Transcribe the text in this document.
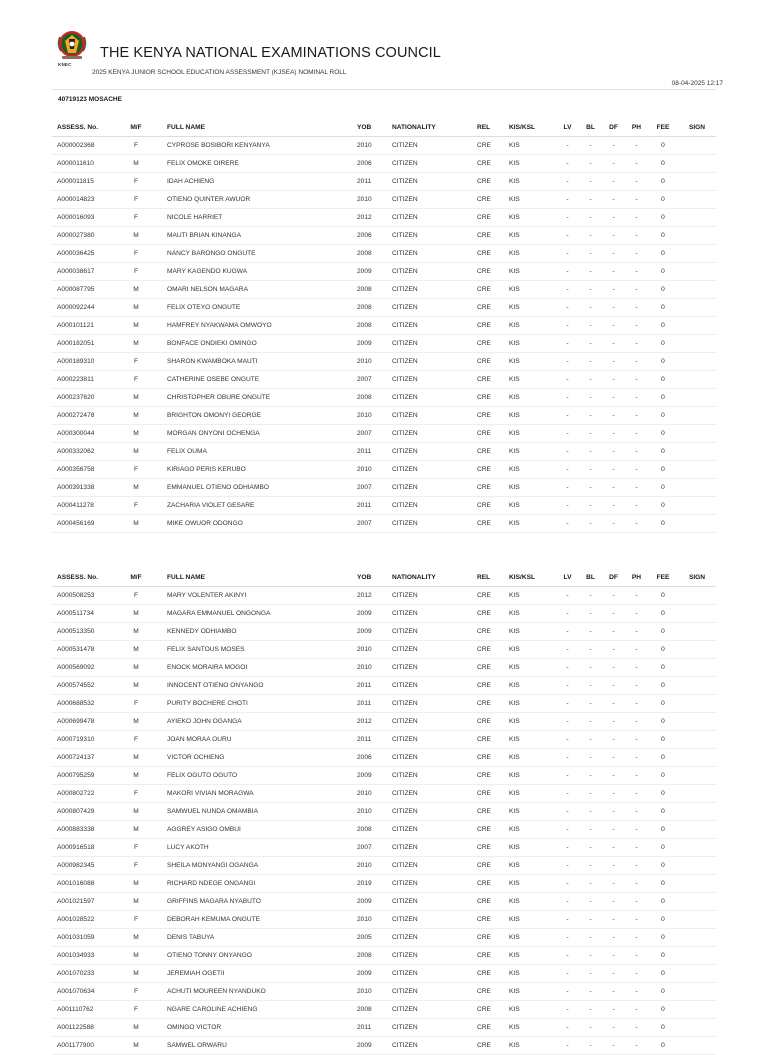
KNEC
THE KENYA NATIONAL EXAMINATIONS COUNCIL
2025 KENYA JUNIOR SCHOOL EDUCATION ASSESSMENT (KJSEA) NOMINAL ROLL
08-04-2025 12:17
40719123 MOSACHE
ASSESS. No.	M/F	FULL NAME	YOB	NATIONALITY	REL	KIS/KSL	LV	BL	DF	PH	FEE	SIGN
A000002368	F	CYPROSE BOSIBORI KENYANYA	2010	CITIZEN	CRE	KIS	-	-	-	-	0	
A000011610	M	FELIX OMOKE OIRERE	2006	CITIZEN	CRE	KIS	-	-	-	-	0	
A000011815	F	IDAH ACHIENG	2011	CITIZEN	CRE	KIS	-	-	-	-	0	
A000014823	F	OTIENO QUINTER AWUOR	2010	CITIZEN	CRE	KIS	-	-	-	-	0	
A000016093	F	NICOLE HARRIET	2012	CITIZEN	CRE	KIS	-	-	-	-	0	
A000027380	M	MAUTI BRIAN KINANGA	2006	CITIZEN	CRE	KIS	-	-	-	-	0	
A000036425	F	NANCY BARONGO ONGUTE	2008	CITIZEN	CRE	KIS	-	-	-	-	0	
A000038617	F	MARY KAGENDO KUGWA	2009	CITIZEN	CRE	KIS	-	-	-	-	0	
A000087795	M	OMARI NELSON MAGARA	2008	CITIZEN	CRE	KIS	-	-	-	-	0	
A000092244	M	FELIX OTEYO ONGUTE	2008	CITIZEN	CRE	KIS	-	-	-	-	0	
A000101121	M	HAMFREY NYAKWAMA OMWOYO	2008	CITIZEN	CRE	KIS	-	-	-	-	0	
A000182051	M	BONFACE ONDIEKI OMINGO	2009	CITIZEN	CRE	KIS	-	-	-	-	0	
A000189310	F	SHARON KWAMBOKA MAUTI	2010	CITIZEN	CRE	KIS	-	-	-	-	0	
A000223811	F	CATHERINE OSEBE ONGUTE	2007	CITIZEN	CRE	KIS	-	-	-	-	0	
A000237620	M	CHRISTOPHER OBURE ONGUTE	2008	CITIZEN	CRE	KIS	-	-	-	-	0	
A000272478	M	BRIGHTON OMONYI GEORGE	2010	CITIZEN	CRE	KIS	-	-	-	-	0	
A000300044	M	MORGAN ONYONI OCHENGA	2007	CITIZEN	CRE	KIS	-	-	-	-	0	
A000332062	M	FELIX OUMA	2011	CITIZEN	CRE	KIS	-	-	-	-	0	
A000356758	F	KIRIAGO PERIS KERUBO	2010	CITIZEN	CRE	KIS	-	-	-	-	0	
A000391338	M	EMMANUEL OTIENO ODHIAMBO	2007	CITIZEN	CRE	KIS	-	-	-	-	0	
A000411278	F	ZACHARIA VIOLET GESARE	2011	CITIZEN	CRE	KIS	-	-	-	-	0	
A000456169	M	MIKE OWUOR ODONGO	2007	CITIZEN	CRE	KIS	-	-	-	-	0	
ASSESS. No.	M/F	FULL NAME	YOB	NATIONALITY	REL	KIS/KSL	LV	BL	DF	PH	FEE	SIGN
A000508253	F	MARY VOLENTER AKINYI	2012	CITIZEN	CRE	KIS	-	-	-	-	0	
A000511734	M	MAGARA EMMANUEL ONGONGA	2009	CITIZEN	CRE	KIS	-	-	-	-	0	
A000513350	M	KENNEDY ODHIAMBO	2009	CITIZEN	CRE	KIS	-	-	-	-	0	
A000531478	M	FELIX SANTOUS MOSES	2010	CITIZEN	CRE	KIS	-	-	-	-	0	
A000569092	M	ENOCK MORAIRA MOGOI	2010	CITIZEN	CRE	KIS	-	-	-	-	0	
A000574552	M	INNOCENT OTIENO ONYANGO	2011	CITIZEN	CRE	KIS	-	-	-	-	0	
A000688532	F	PURITY BOCHERE CHOTI	2011	CITIZEN	CRE	KIS	-	-	-	-	0	
A000699478	M	AYIEKO JOHN OGANGA	2012	CITIZEN	CRE	KIS	-	-	-	-	0	
A000719310	F	JOAN MORAA OURU	2011	CITIZEN	CRE	KIS	-	-	-	-	0	
A000724137	M	VICTOR OCHIENG	2006	CITIZEN	CRE	KIS	-	-	-	-	0	
A000795259	M	FELIX OGUTO OGUTO	2009	CITIZEN	CRE	KIS	-	-	-	-	0	
A000802722	F	MAKORI VIVIAN MORAGWA	2010	CITIZEN	CRE	KIS	-	-	-	-	0	
A000807429	M	SAMWUEL NUNDA OMAMBIA	2010	CITIZEN	CRE	KIS	-	-	-	-	0	
A000883338	M	AGGREY ASIGO OMBUI	2008	CITIZEN	CRE	KIS	-	-	-	-	0	
A000916518	F	LUCY AKOTH	2007	CITIZEN	CRE	KIS	-	-	-	-	0	
A000982345	F	SHEILA MONYANGI OGANGA	2010	CITIZEN	CRE	KIS	-	-	-	-	0	
A001016088	M	RICHARD NDEGE ONGANGI	2019	CITIZEN	CRE	KIS	-	-	-	-	0	
A001021597	M	GRIFFINS MAGARA NYABUTO	2009	CITIZEN	CRE	KIS	-	-	-	-	0	
A001028522	F	DEBORAH KEMUMA ONGUTE	2010	CITIZEN	CRE	KIS	-	-	-	-	0	
A001031059	M	DENIS TABUYA	2005	CITIZEN	CRE	KIS	-	-	-	-	0	
A001034933	M	OTIENO TONNY ONYANGO	2008	CITIZEN	CRE	KIS	-	-	-	-	0	
A001070233	M	JEREMIAH OGETII	2009	CITIZEN	CRE	KIS	-	-	-	-	0	
A001070634	F	ACHUTI MOUREEN NYANDUKO	2010	CITIZEN	CRE	KIS	-	-	-	-	0	
A001110762	F	NGARE CAROLINE ACHIENG	2008	CITIZEN	CRE	KIS	-	-	-	-	0	
A001122588	M	OMINGO VICTOR	2011	CITIZEN	CRE	KIS	-	-	-	-	0	
A001177900	M	SAMWEL ORWARU	2009	CITIZEN	CRE	KIS	-	-	-	-	0	
